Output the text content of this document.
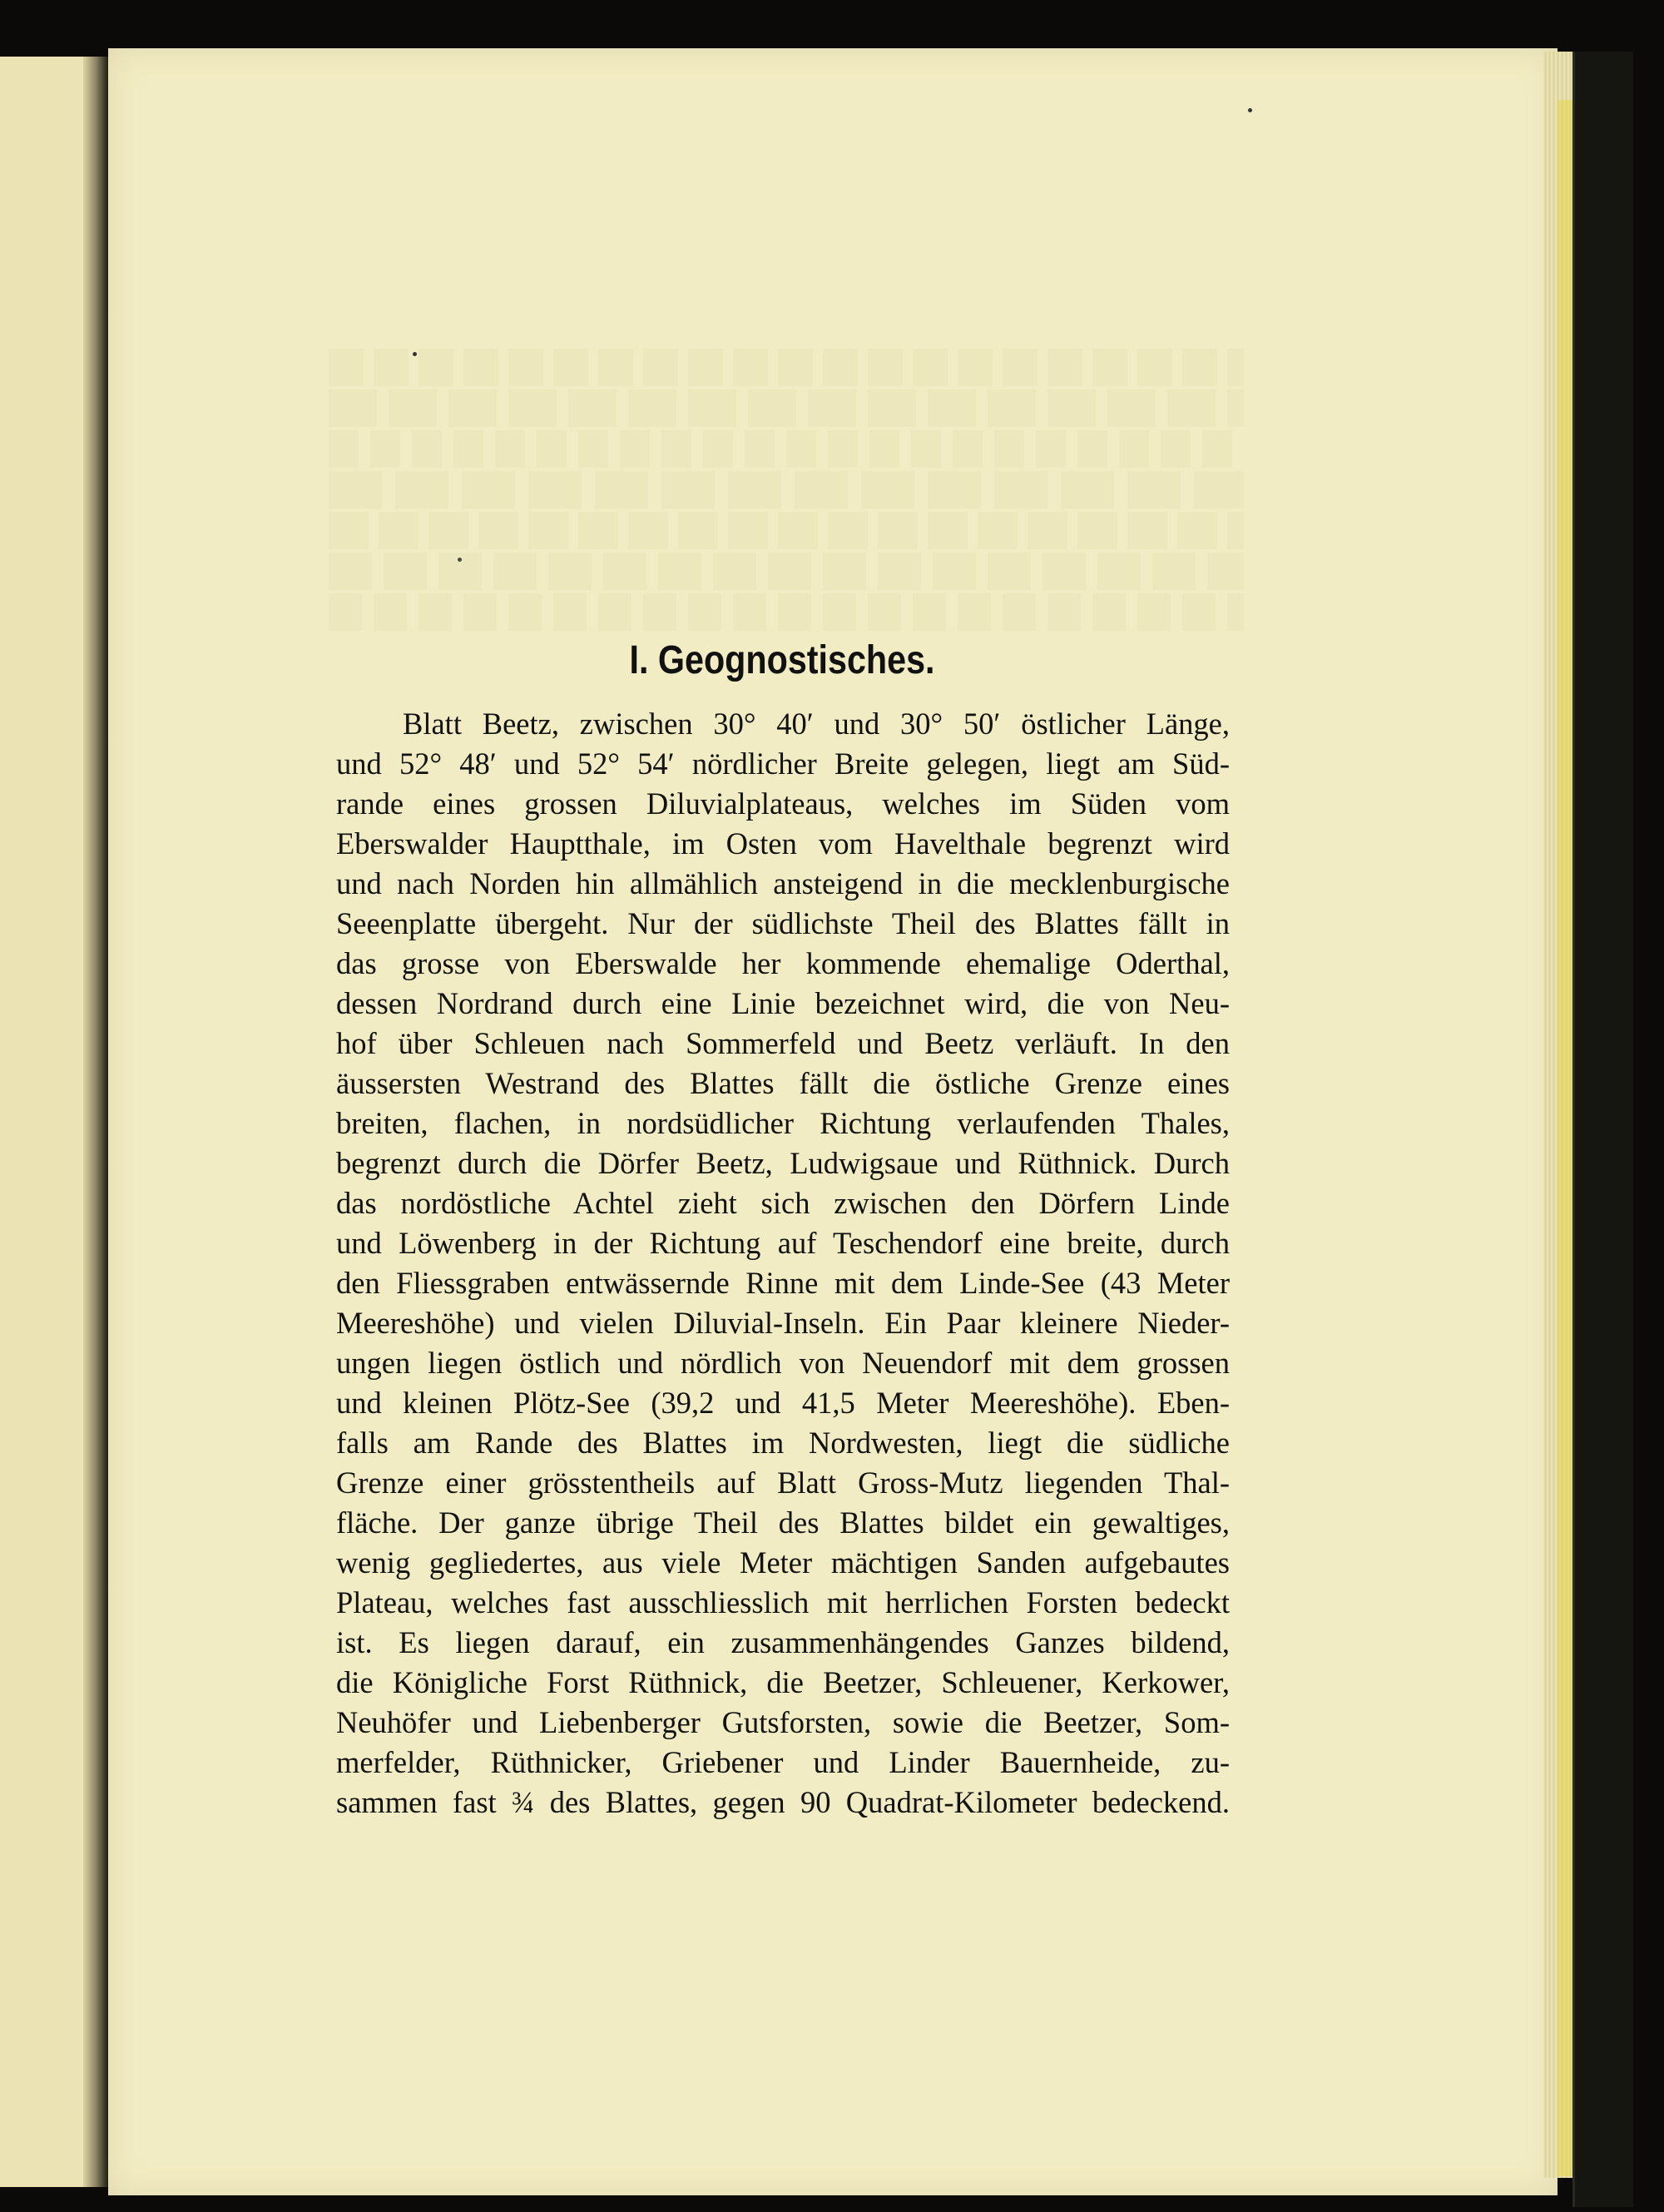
I. Geognostisches.
Blatt Beetz, zwischen 30° 40′ und 30° 50′ östlicher Länge,
und 52° 48′ und 52° 54′ nördlicher Breite gelegen, liegt am Süd-
rande eines grossen Diluvialplateaus, welches im Süden vom
Eberswalder Hauptthale, im Osten vom Havelthale begrenzt wird
und nach Norden hin allmählich ansteigend in die mecklenburgische
Seeenplatte übergeht. Nur der südlichste Theil des Blattes fällt in
das grosse von Eberswalde her kommende ehemalige Oderthal,
dessen Nordrand durch eine Linie bezeichnet wird, die von Neu-
hof über Schleuen nach Sommerfeld und Beetz verläuft. In den
äussersten Westrand des Blattes fällt die östliche Grenze eines
breiten, flachen, in nordsüdlicher Richtung verlaufenden Thales,
begrenzt durch die Dörfer Beetz, Ludwigsaue und Rüthnick. Durch
das nordöstliche Achtel zieht sich zwischen den Dörfern Linde
und Löwenberg in der Richtung auf Teschendorf eine breite, durch
den Fliessgraben entwässernde Rinne mit dem Linde-See (43 Meter
Meereshöhe) und vielen Diluvial-Inseln. Ein Paar kleinere Nieder-
ungen liegen östlich und nördlich von Neuendorf mit dem grossen
und kleinen Plötz-See (39,2 und 41,5 Meter Meereshöhe). Eben-
falls am Rande des Blattes im Nordwesten, liegt die südliche
Grenze einer grösstentheils auf Blatt Gross-Mutz liegenden Thal-
fläche. Der ganze übrige Theil des Blattes bildet ein gewaltiges,
wenig gegliedertes, aus viele Meter mächtigen Sanden aufgebautes
Plateau, welches fast ausschliesslich mit herrlichen Forsten bedeckt
ist. Es liegen darauf, ein zusammenhängendes Ganzes bildend,
die Königliche Forst Rüthnick, die Beetzer, Schleuener, Kerkower,
Neuhöfer und Liebenberger Gutsforsten, sowie die Beetzer, Som-
merfelder, Rüthnicker, Griebener und Linder Bauernheide, zu-
sammen fast ¾ des Blattes, gegen 90 Quadrat-Kilometer bedeckend.
